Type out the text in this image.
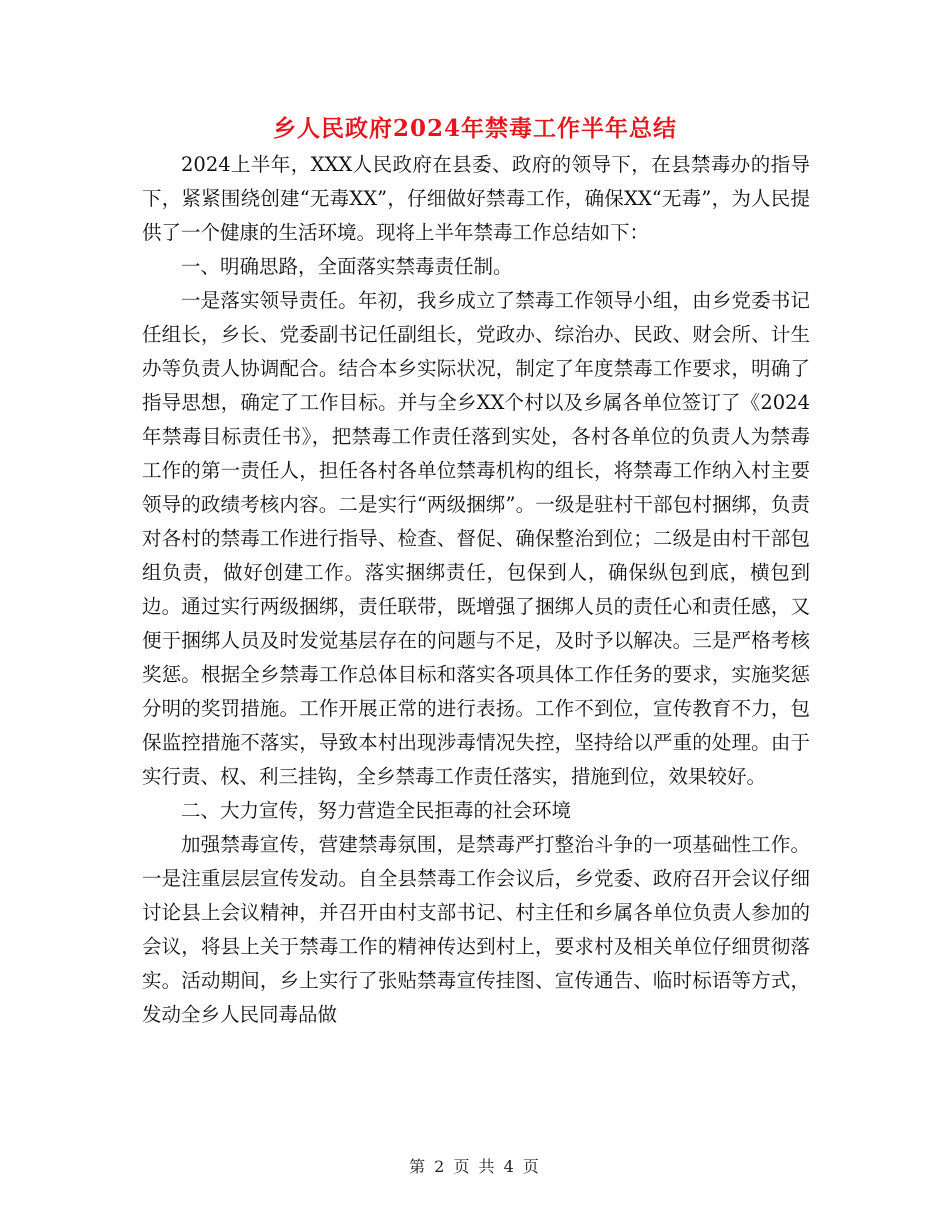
乡人民政府2024年禁毒工作半年总结

2024上半年，XXX人民政府在县委、政府的领导下，在县禁毒办的指导下，紧紧围绕创建“无毒XX”，仔细做好禁毒工作，确保XX“无毒”，为人民提供了一个健康的生活环境。现将上半年禁毒工作总结如下：

一、明确思路，全面落实禁毒责任制。

一是落实领导责任。年初，我乡成立了禁毒工作领导小组，由乡党委书记任组长，乡长、党委副书记任副组长，党政办、综治办、民政、财会所、计生办等负责人协调配合。结合本乡实际状况，制定了年度禁毒工作要求，明确了指导思想，确定了工作目标。并与全乡XX个村以及乡属各单位签订了《2024年禁毒目标责任书》，把禁毒工作责任落到实处，各村各单位的负责人为禁毒工作的第一责任人，担任各村各单位禁毒机构的组长，将禁毒工作纳入村主要领导的政绩考核内容。二是实行“两级捆绑”。一级是驻村干部包村捆绑，负责对各村的禁毒工作进行指导、检查、督促、确保整治到位；二级是由村干部包组负责，做好创建工作。落实捆绑责任，包保到人，确保纵包到底，横包到边。通过实行两级捆绑，责任联带，既增强了捆绑人员的责任心和责任感，又便于捆绑人员及时发觉基层存在的问题与不足，及时予以解决。三是严格考核奖惩。根据全乡禁毒工作总体目标和落实各项具体工作任务的要求，实施奖惩分明的奖罚措施。工作开展正常的进行表扬。工作不到位，宣传教育不力，包保监控措施不落实，导致本村出现涉毒情况失控，坚持给以严重的处理。由于实行责、权、利三挂钩，全乡禁毒工作责任落实，措施到位，效果较好。

二、大力宣传，努力营造全民拒毒的社会环境

加强禁毒宣传，营建禁毒氛围，是禁毒严打整治斗争的一项基础性工作。一是注重层层宣传发动。自全县禁毒工作会议后，乡党委、政府召开会议仔细讨论县上会议精神，并召开由村支部书记、村主任和乡属各单位负责人参加的会议，将县上关于禁毒工作的精神传达到村上，要求村及相关单位仔细贯彻落实。活动期间，乡上实行了张贴禁毒宣传挂图、宣传通告、临时标语等方式，发动全乡人民同毒品做

第 2 页 共 4 页
